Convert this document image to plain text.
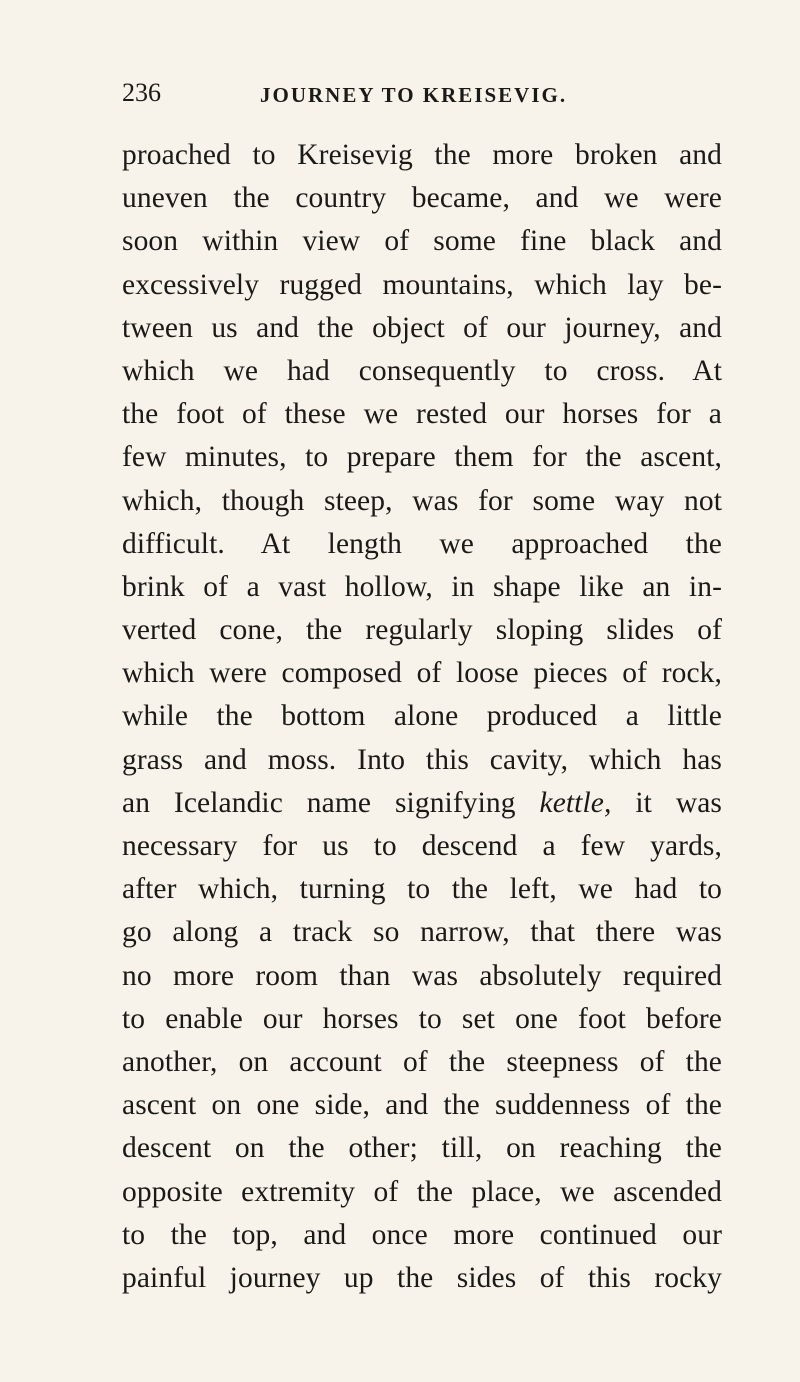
236	JOURNEY TO KREISEVIG.
proached to Kreisevig the more broken and
uneven the country became, and we were
soon within view of some fine black and
excessively rugged mountains, which lay be-
tween us and the object of our journey, and
which we had consequently to cross. At
the foot of these we rested our horses for a
few minutes, to prepare them for the ascent,
which, though steep, was for some way not
difficult. At length we approached the
brink of a vast hollow, in shape like an in-
verted cone, the regularly sloping slides of
which were composed of loose pieces of rock,
while the bottom alone produced a little
grass and moss. Into this cavity, which has
an Icelandic name signifying kettle, it was
necessary for us to descend a few yards,
after which, turning to the left, we had to
go along a track so narrow, that there was
no more room than was absolutely required
to enable our horses to set one foot before
another, on account of the steepness of the
ascent on one side, and the suddenness of the
descent on the other; till, on reaching the
opposite extremity of the place, we ascended
to the top, and once more continued our
painful journey up the sides of this rocky
